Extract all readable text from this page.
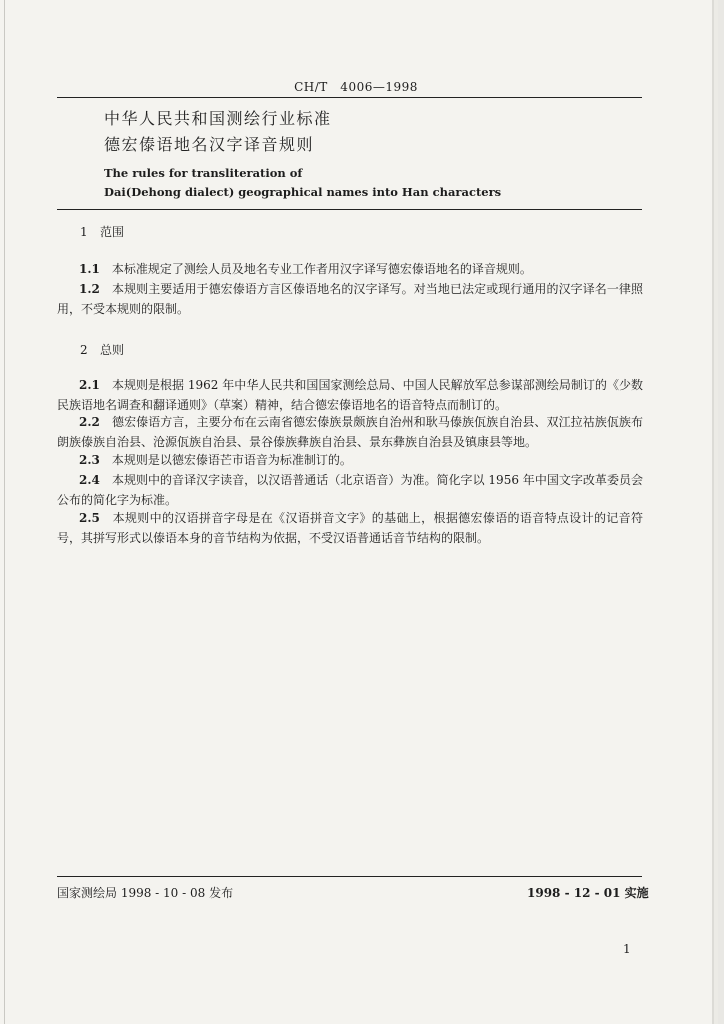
CH/T　4006—1998
中华人民共和国测绘行业标准
德宏傣语地名汉字译音规则
The rules for transliteration of
Dai(Dehong dialect) geographical names into Han characters
1 范围
1.1　 本标准规定了测绘人员及地名专业工作者用汉字译写德宏傣语地名的译音规则。
1.2　 本规则主要适用于德宏傣语方言区傣语地名的汉字译写。对当地已法定或现行通用的汉字译名一律照用，不受本规则的限制。
2 总则
2.1　 本规则是根据 1962 年中华人民共和国国家测绘总局、中国人民解放军总参谋部测绘局制订的《少数民族语地名调查和翻译通则》（草案）精神，结合德宏傣语地名的语音特点而制订的。
2.2　 德宏傣语方言，主要分布在云南省德宏傣族景颇族自治州和耿马傣族佤族自治县、双江拉祜族佤族布朗族傣族自治县、沧源佤族自治县、景谷傣族彝族自治县、景东彝族自治县及镇康县等地。
2.3　 本规则是以德宏傣语芒市语音为标准制订的。
2.4　 本规则中的音译汉字读音，以汉语普通话（北京语音）为准。简化字以 1956 年中国文字改革委员会公布的简化字为标准。
2.5　 本规则中的汉语拼音字母是在《汉语拼音文字》的基础上，根据德宏傣语的语音特点设计的记音符号，其拼写形式以傣语本身的音节结构为依据，不受汉语普通话音节结构的限制。
国家测绘局 1998 - 10 - 08 发布	1998 - 12 - 01 实施
1
